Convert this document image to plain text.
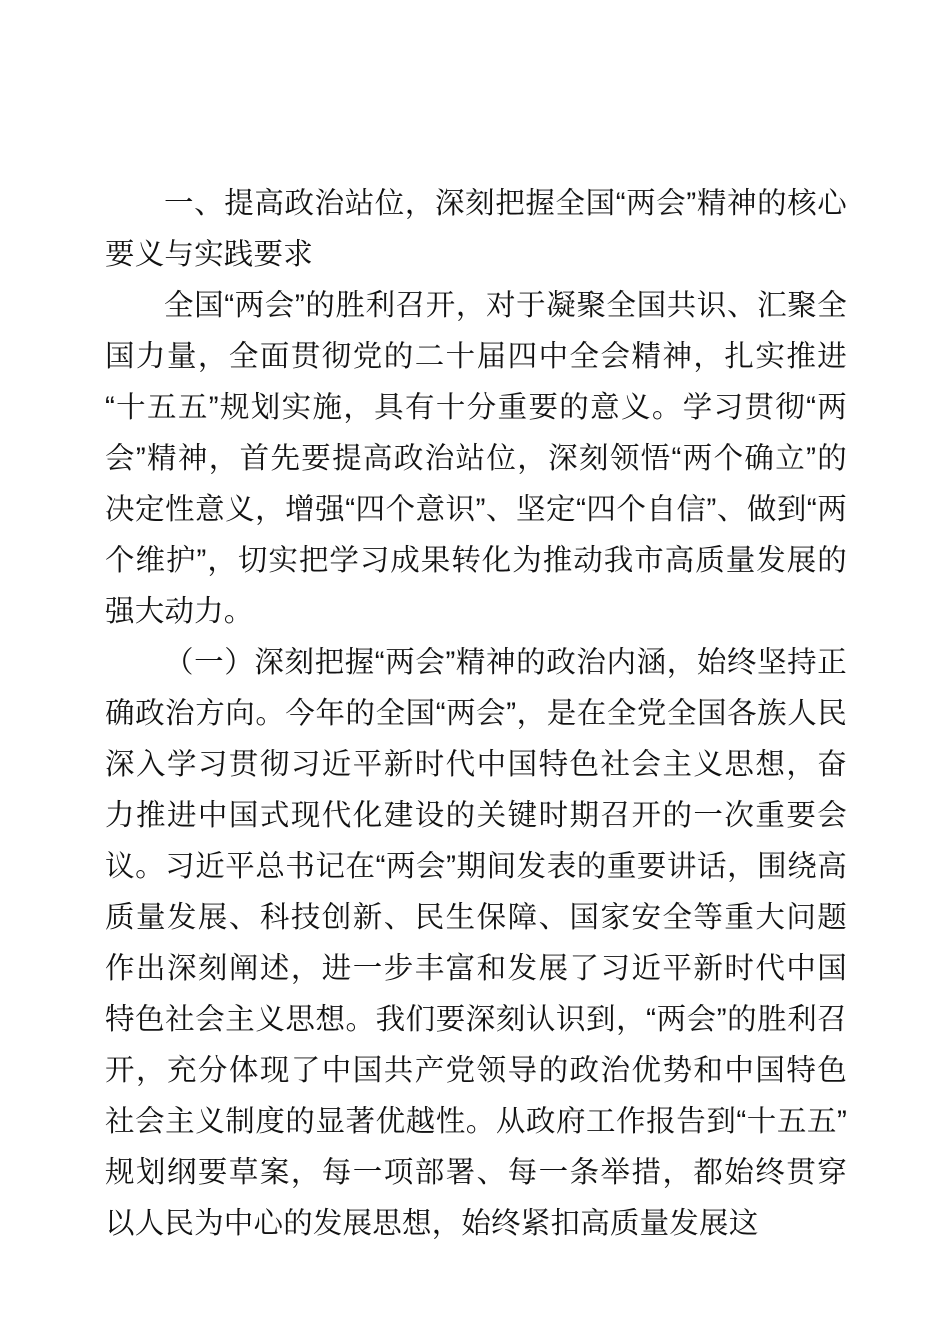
一、提高政治站位，深刻把握全国“两会”精神的核心要义与实践要求

全国“两会”的胜利召开，对于凝聚全国共识、汇聚全国力量，全面贯彻党的二十届四中全会精神，扎实推进“十五五”规划实施，具有十分重要的意义。学习贯彻“两会”精神，首先要提高政治站位，深刻领悟“两个确立”的决定性意义，增强“四个意识”、坚定“四个自信”、做到“两个维护”，切实把学习成果转化为推动我市高质量发展的强大动力。

（一）深刻把握“两会”精神的政治内涵，始终坚持正确政治方向。今年的全国“两会”，是在全党全国各族人民深入学习贯彻习近平新时代中国特色社会主义思想，奋力推进中国式现代化建设的关键时期召开的一次重要会议。习近平总书记在“两会”期间发表的重要讲话，围绕高质量发展、科技创新、民生保障、国家安全等重大问题作出深刻阐述，进一步丰富和发展了习近平新时代中国特色社会主义思想。我们要深刻认识到，“两会”的胜利召开，充分体现了中国共产党领导的政治优势和中国特色社会主义制度的显著优越性。从政府工作报告到“十五五”规划纲要草案，每一项部署、每一条举措，都始终贯穿以人民为中心的发展思想，始终紧扣高质量发展这
